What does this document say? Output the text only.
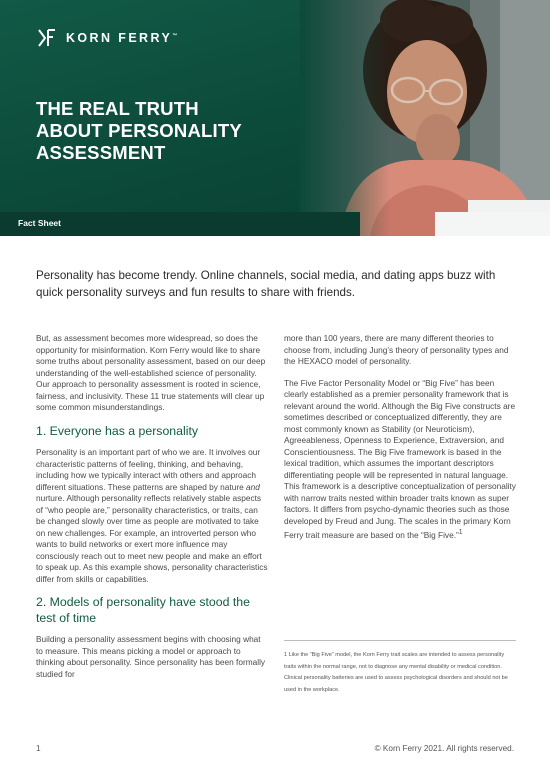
KORN FERRY™
THE REAL TRUTH
ABOUT PERSONALITY
ASSESSMENT
Fact Sheet

Personality has become trendy. Online channels, social media, and dating apps buzz with quick personality surveys and fun results to share with friends.

But, as assessment becomes more widespread, so does the opportunity for misinformation. Korn Ferry would like to share some truths about personality assessment, based on our deep understanding of the well-established science of personality. Our approach to personality assessment is rooted in science, fairness, and inclusivity. These 11 true statements will clear up some common misunderstandings.

1. Everyone has a personality

Personality is an important part of who we are. It involves our characteristic patterns of feeling, thinking, and behaving, including how we typically interact with others and approach different situations. These patterns are shaped by nature and nurture. Although personality reflects relatively stable aspects of “who people are,” personality characteristics, or traits, can be changed slowly over time as people are motivated to take on new challenges. For example, an introverted person who wants to build networks or exert more influence may consciously reach out to meet new people and make an effort to speak up. As this example shows, personality characteristics differ from skills or capabilities.

2. Models of personality have stood the test of time

Building a personality assessment begins with choosing what to measure. This means picking a model or approach to thinking about personality. Since personality has been formally studied for

more than 100 years, there are many different theories to choose from, including Jung’s theory of personality types and the HEXACO model of personality.

The Five Factor Personality Model or “Big Five” has been clearly established as a premier personality framework that is relevant around the world. Although the Big Five constructs are sometimes described or conceptualized differently, they are most commonly known as Stability (or Neuroticism), Agreeableness, Openness to Experience, Extraversion, and Conscientiousness. The Big Five framework is based in the lexical tradition, which assumes the important descriptors differentiating people will be represented in natural language. This framework is a descriptive conceptualization of personality with narrow traits nested within broader traits known as super factors. It differs from psycho-dynamic theories such as those developed by Freud and Jung. The scales in the primary Korn Ferry trait measure are based on the “Big Five.”$^1$

1 Like the “Big Five” model, the Korn Ferry trait scales are intended to assess personality traits within the normal range, not to diagnose any mental disability or medical condition. Clinical personality batteries are used to assess psychological disorders and should not be used in the workplace.

1	© Korn Ferry 2021. All rights reserved.
